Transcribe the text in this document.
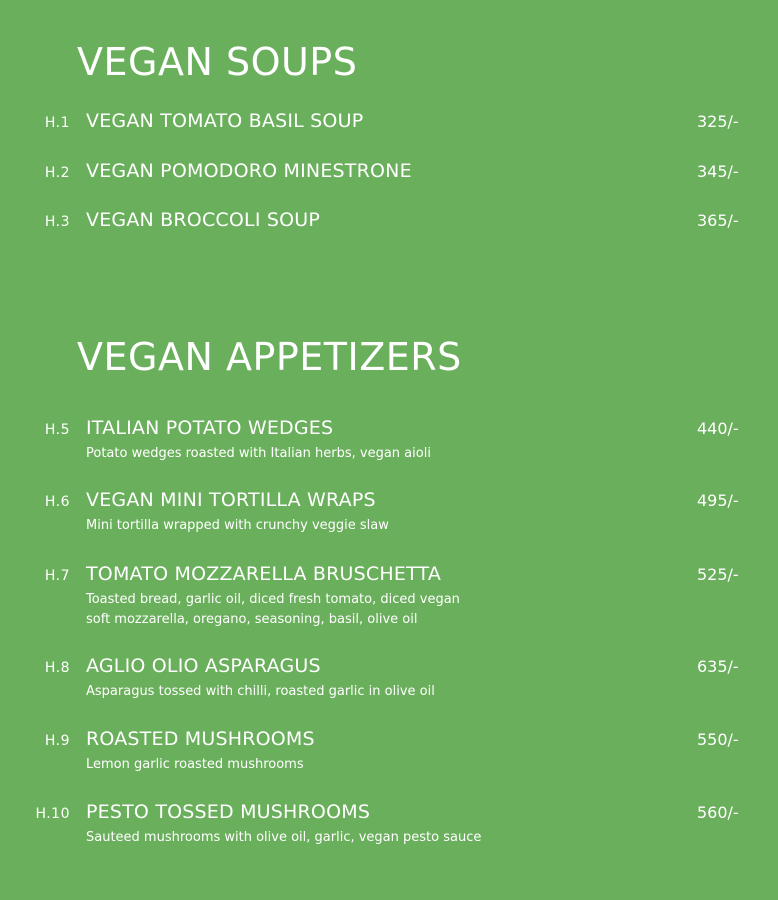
VEGAN SOUPS
H.1 VEGAN TOMATO BASIL SOUP	325/-
H.2 VEGAN POMODORO MINESTRONE	345/-
H.3 VEGAN BROCCOLI SOUP	365/-
VEGAN APPETIZERS
H.5 ITALIAN POTATO WEDGES	440/-
Potato wedges roasted with Italian herbs, vegan aioli
H.6 VEGAN MINI TORTILLA WRAPS	495/-
Mini tortilla wrapped with crunchy veggie slaw
H.7 TOMATO MOZZARELLA BRUSCHETTA	525/-
Toasted bread, garlic oil, diced fresh tomato, diced vegan
soft mozzarella, oregano, seasoning, basil, olive oil
H.8 AGLIO OLIO ASPARAGUS	635/-
Asparagus tossed with chilli, roasted garlic in olive oil
H.9 ROASTED MUSHROOMS	550/-
Lemon garlic roasted mushrooms
H.10 PESTO TOSSED MUSHROOMS	560/-
Sauteed mushrooms with olive oil, garlic, vegan pesto sauce
